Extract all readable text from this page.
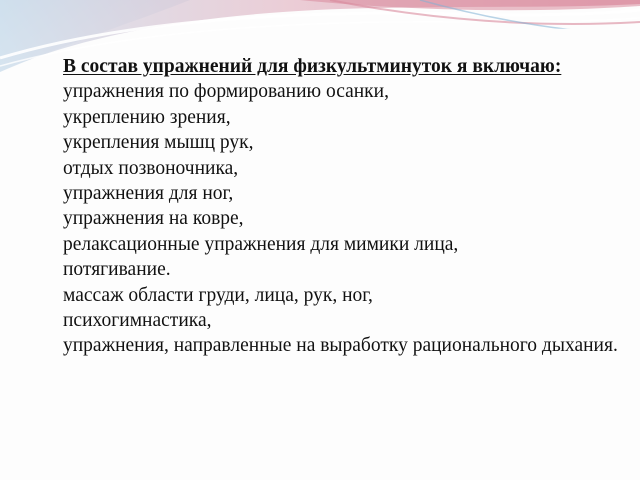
В состав упражнений для физкультминуток я включаю:

упражнения по формированию осанки,
укреплению зрения,
укрепления мышц рук,
отдых позвоночника,
упражнения для ног,
упражнения на ковре,
релаксационные упражнения для мимики лица,
потягивание.
массаж области груди, лица, рук, ног,
психогимнастика,
упражнения, направленные на выработку рационального дыхания.
